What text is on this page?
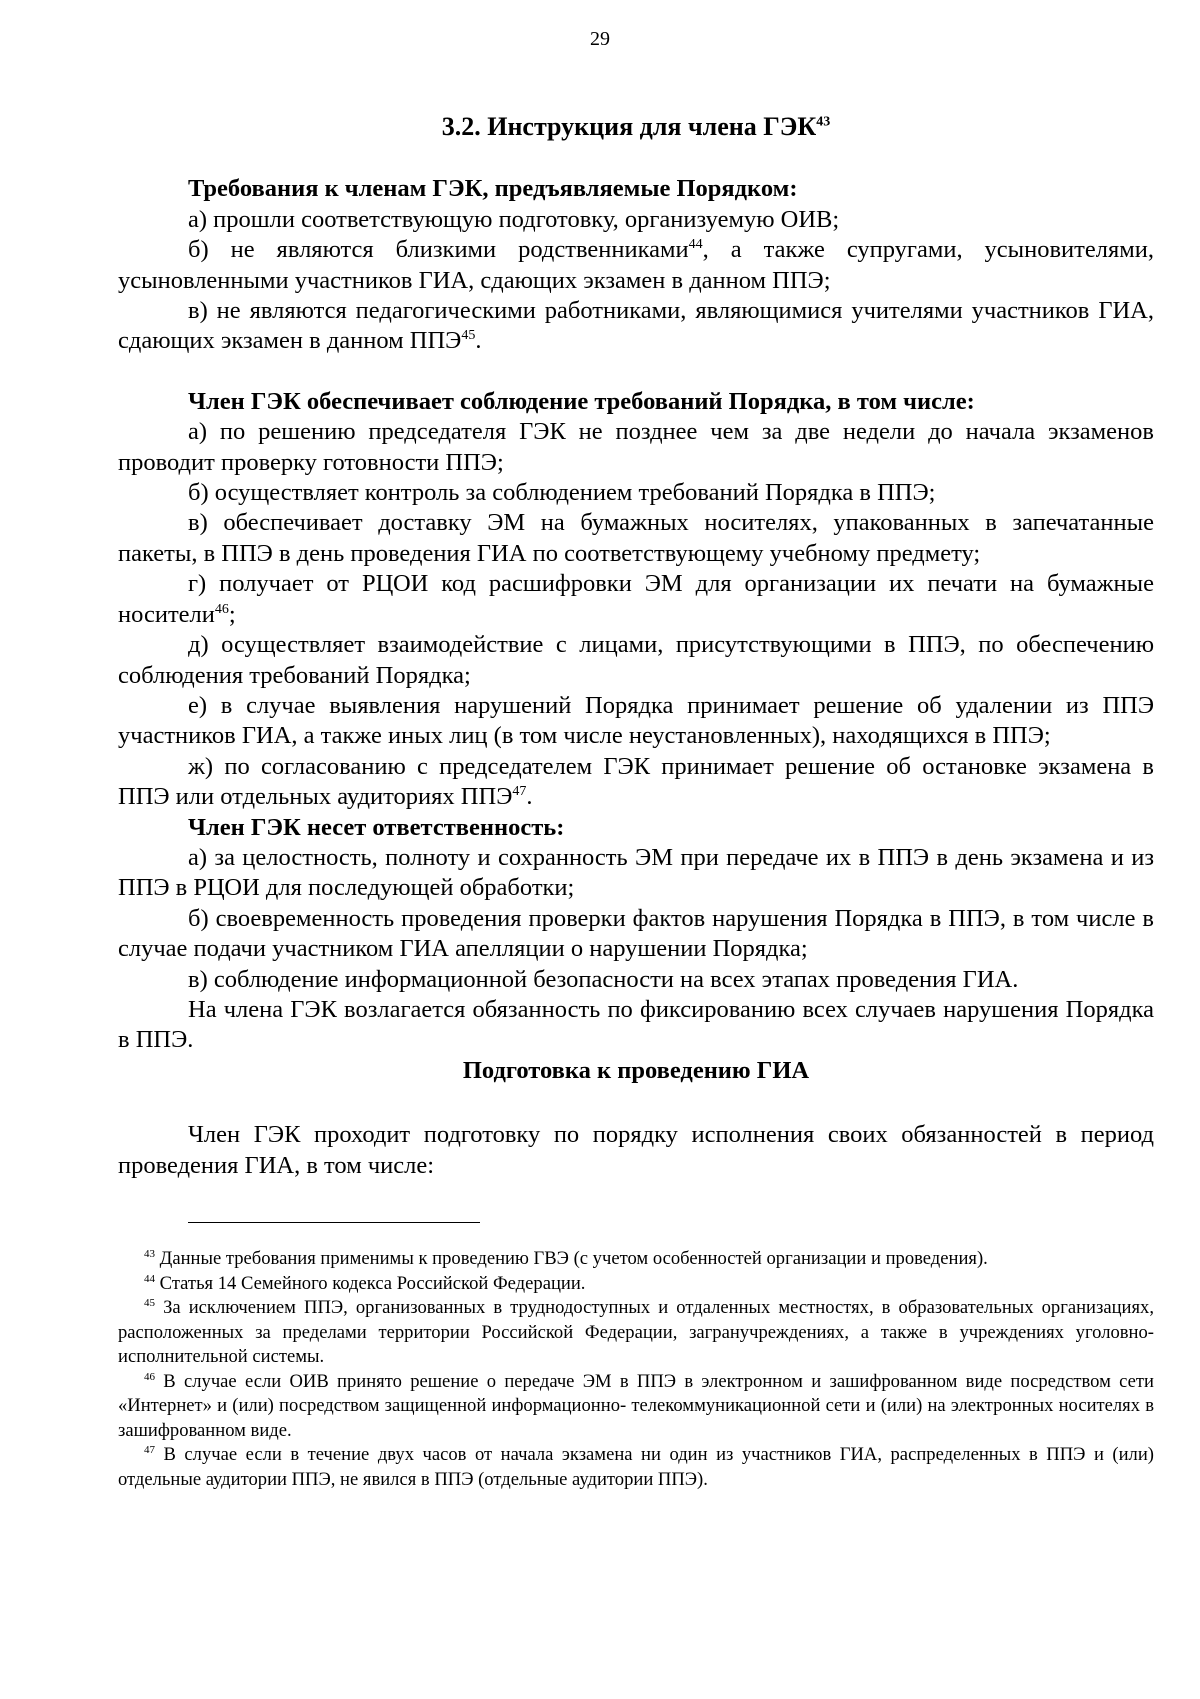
29

3.2. Инструкция для члена ГЭК$^{43}$

Требования к членам ГЭК, предъявляемые Порядком:

а) прошли соответствующую подготовку, организуемую ОИВ;

б) не являются близкими родственниками$^{44}$, а также супругами, усыновителями, усыновленными участников ГИА, сдающих экзамен в данном ППЭ;

в) не являются педагогическими работниками, являющимися учителями участников ГИА, сдающих экзамен в данном ППЭ$^{45}$.

Член ГЭК обеспечивает соблюдение требований Порядка, в том числе:

а) по решению председателя ГЭК не позднее чем за две недели до начала экзаменов проводит проверку готовности ППЭ;

б) осуществляет контроль за соблюдением требований Порядка в ППЭ;

в) обеспечивает доставку ЭМ на бумажных носителях, упакованных в запечатанные пакеты, в ППЭ в день проведения ГИА по соответствующему учебному предмету;

г) получает от РЦОИ код расшифровки ЭМ для организации их печати на бумажные носители$^{46}$;

д) осуществляет взаимодействие с лицами, присутствующими в ППЭ, по обеспечению соблюдения требований Порядка;

е) в случае выявления нарушений Порядка принимает решение об удалении из ППЭ участников ГИА, а также иных лиц (в том числе неустановленных), находящихся в ППЭ;

ж) по согласованию с председателем ГЭК принимает решение об остановке экзамена в ППЭ или отдельных аудиториях ППЭ$^{47}$.

Член ГЭК несет ответственность:

а) за целостность, полноту и сохранность ЭМ при передаче их в ППЭ в день экзамена и из ППЭ в РЦОИ для последующей обработки;

б) своевременность проведения проверки фактов нарушения Порядка в ППЭ, в том числе в случае подачи участником ГИА апелляции о нарушении Порядка;

в) соблюдение информационной безопасности на всех этапах проведения ГИА.

На члена ГЭК возлагается обязанность по фиксированию всех случаев нарушения Порядка в ППЭ.

Подготовка к проведению ГИА

Член ГЭК проходит подготовку по порядку исполнения своих обязанностей в период проведения ГИА, в том числе:

$^{43}$ Данные требования применимы к проведению ГВЭ (с учетом особенностей организации и проведения).

$^{44}$ Статья 14 Семейного кодекса Российской Федерации.

$^{45}$ За исключением ППЭ, организованных в труднодоступных и отдаленных местностях, в образовательных организациях, расположенных за пределами территории Российской Федерации, загранучреждениях, а также в учреждениях уголовно-исполнительной системы.

$^{46}$ В случае если ОИВ принято решение о передаче ЭМ в ППЭ в электронном и зашифрованном виде посредством сети «Интернет» и (или) посредством защищенной информационно- телекоммуникационной сети и (или) на электронных носителях в зашифрованном виде.

$^{47}$ В случае если в течение двух часов от начала экзамена ни один из участников ГИА, распределенных в ППЭ и (или) отдельные аудитории ППЭ, не явился в ППЭ (отдельные аудитории ППЭ).
